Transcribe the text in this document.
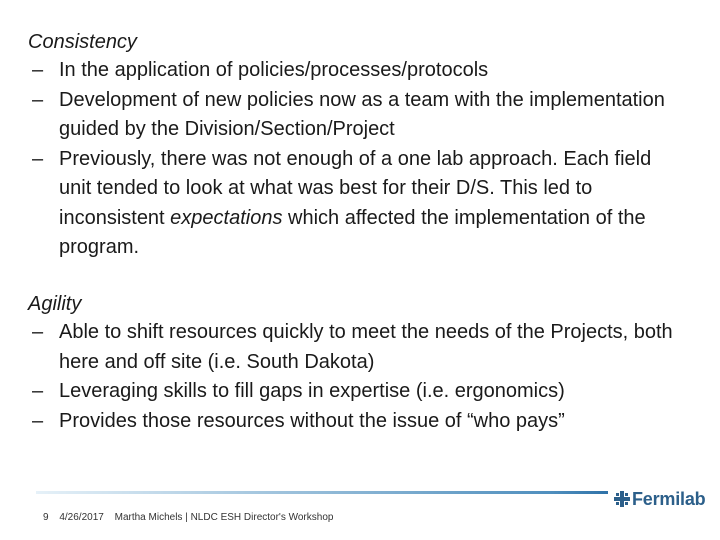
Consistency

– In the application of policies/processes/protocols
– Development of new policies now as a team with the implementation guided by the Division/Section/Project
– Previously, there was not enough of a one lab approach. Each field unit tended to look at what was best for their D/S. This led to inconsistent expectations which affected the implementation of the program.

Agility

– Able to shift resources quickly to meet the needs of the Projects, both here and off site (i.e. South Dakota)
– Leveraging skills to fill gaps in expertise (i.e. ergonomics)
– Provides those resources without the issue of “who pays”
Fermilab
9 4/26/2017 Martha Michels | NLDC ESH Director's Workshop
